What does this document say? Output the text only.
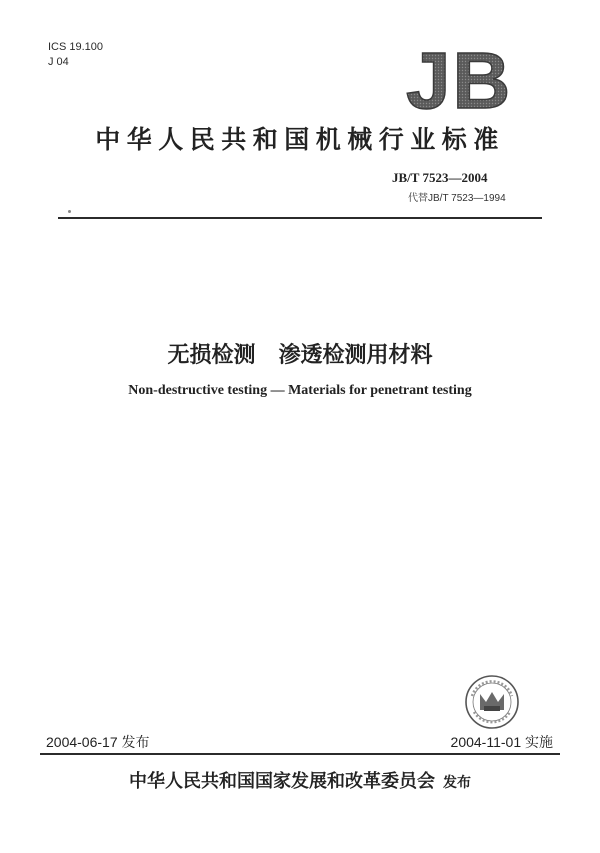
ICS 19.100
J 04	JB
中华人民共和国机械行业标准
JB/T 7523—2004
代替JB/T 7523—1994
无损检测   渗透检测用材料
Non-destructive testing — Materials for penetrant testing
2004-06-17 发布	2004-11-01 实施
中华人民共和国国家发展和改革委员会 发布
